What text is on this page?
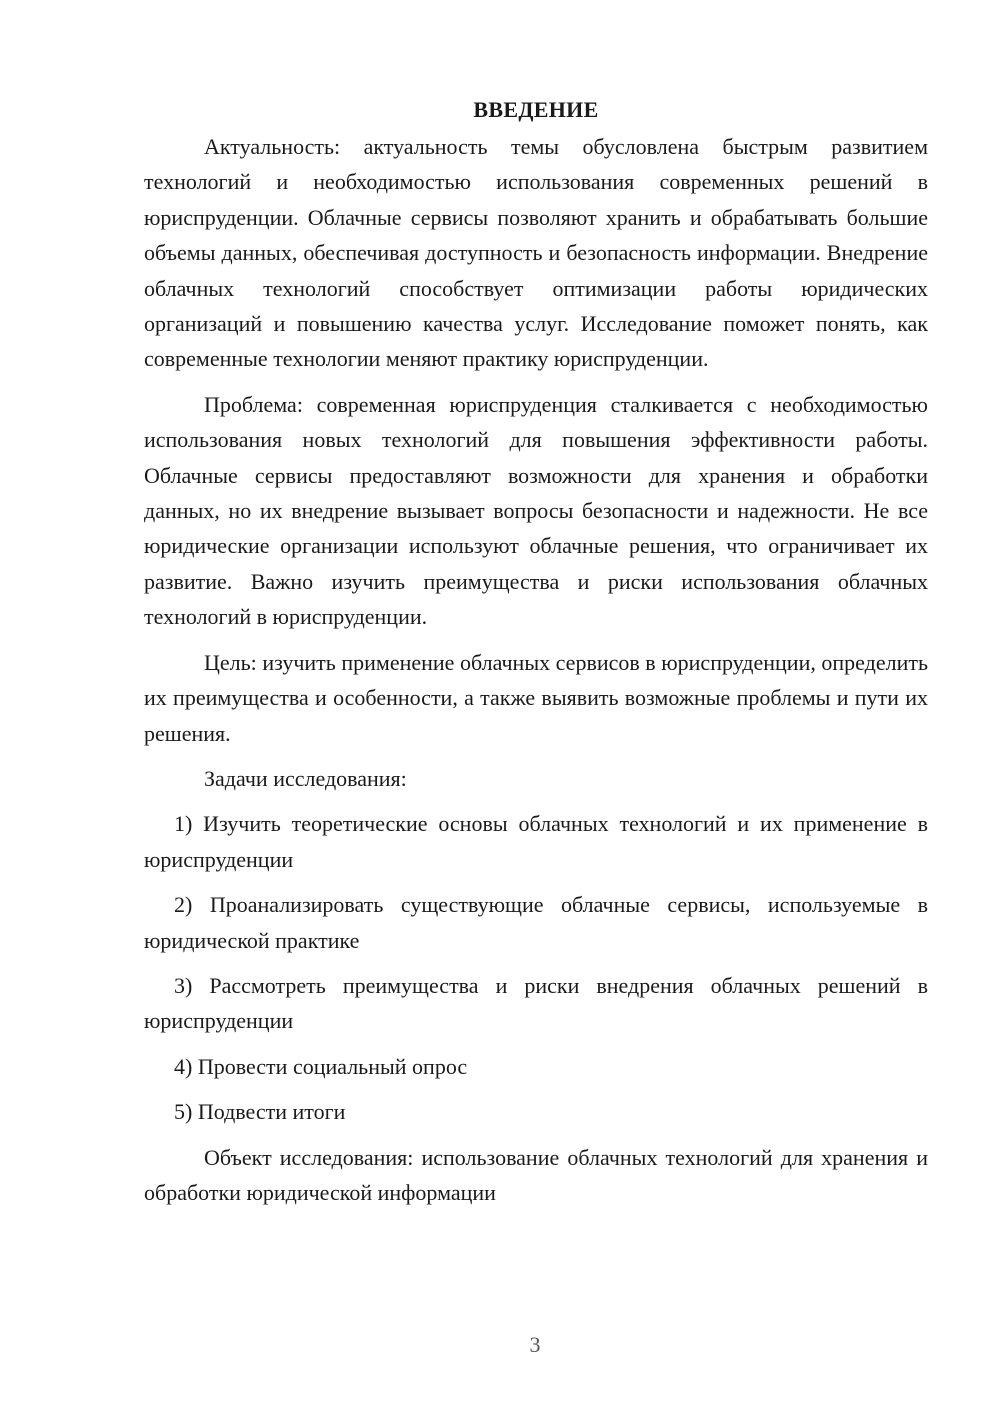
ВВЕДЕНИЕ

Актуальность: актуальность темы обусловлена быстрым развитием технологий и необходимостью использования современных решений в юриспруденции. Облачные сервисы позволяют хранить и обрабатывать большие объемы данных, обеспечивая доступность и безопасность информации. Внедрение облачных технологий способствует оптимизации работы юридических организаций и повышению качества услуг. Исследование поможет понять, как современные технологии меняют практику юриспруденции.

Проблема: современная юриспруденция сталкивается с необходимостью использования новых технологий для повышения эффективности работы. Облачные сервисы предоставляют возможности для хранения и обработки данных, но их внедрение вызывает вопросы безопасности и надежности. Не все юридические организации используют облачные решения, что ограничивает их развитие. Важно изучить преимущества и риски использования облачных технологий в юриспруденции.

Цель: изучить применение облачных сервисов в юриспруденции, определить их преимущества и особенности, а также выявить возможные проблемы и пути их решения.

Задачи исследования:

1) Изучить теоретические основы облачных технологий и их применение в юриспруденции

2) Проанализировать существующие облачные сервисы, используемые в юридической практике

3) Рассмотреть преимущества и риски внедрения облачных решений в юриспруденции

4) Провести социальный опрос

5) Подвести итоги

Объект исследования: использование облачных технологий для хранения и обработки юридической информации

3
